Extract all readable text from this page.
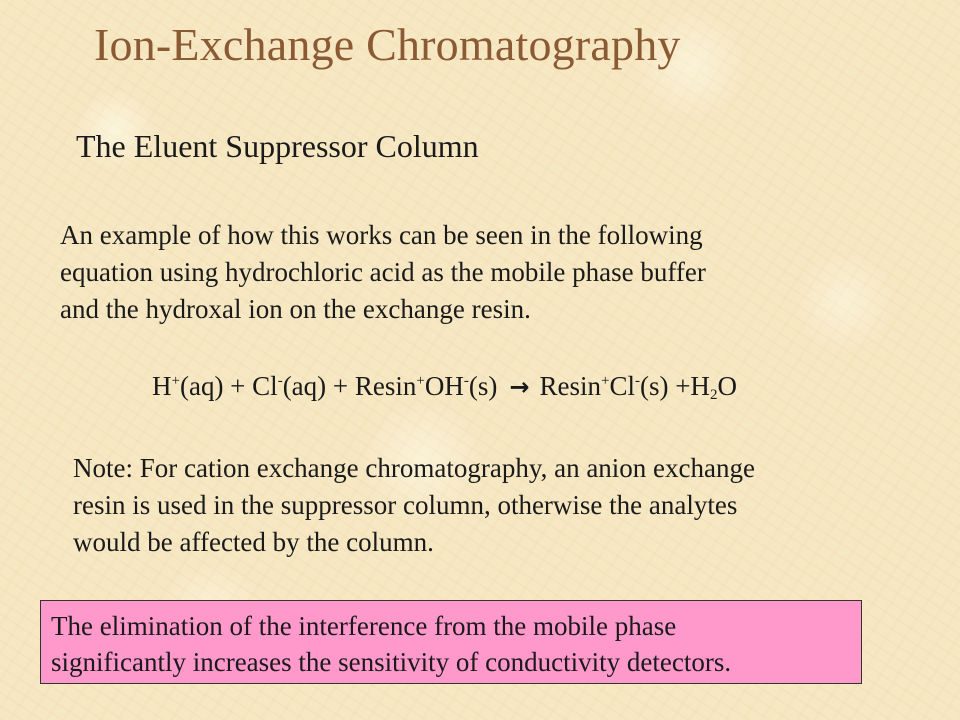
Ion-Exchange Chromatography
The Eluent Suppressor Column

An example of how this works can be seen in the following

equation using hydrochloric acid as the mobile phase buffer

and the hydroxal ion on the exchange resin.

$H^+(aq) + Cl^-(aq) + Resin^+OH^-(s) \to Resin^+Cl^-(s) +H_2O$

Note: For cation exchange chromatography, an anion exchange

resin is used in the suppressor column, otherwise the analytes

would be affected by the column.

The elimination of the interference from the mobile phase

significantly increases the sensitivity of conductivity detectors.
